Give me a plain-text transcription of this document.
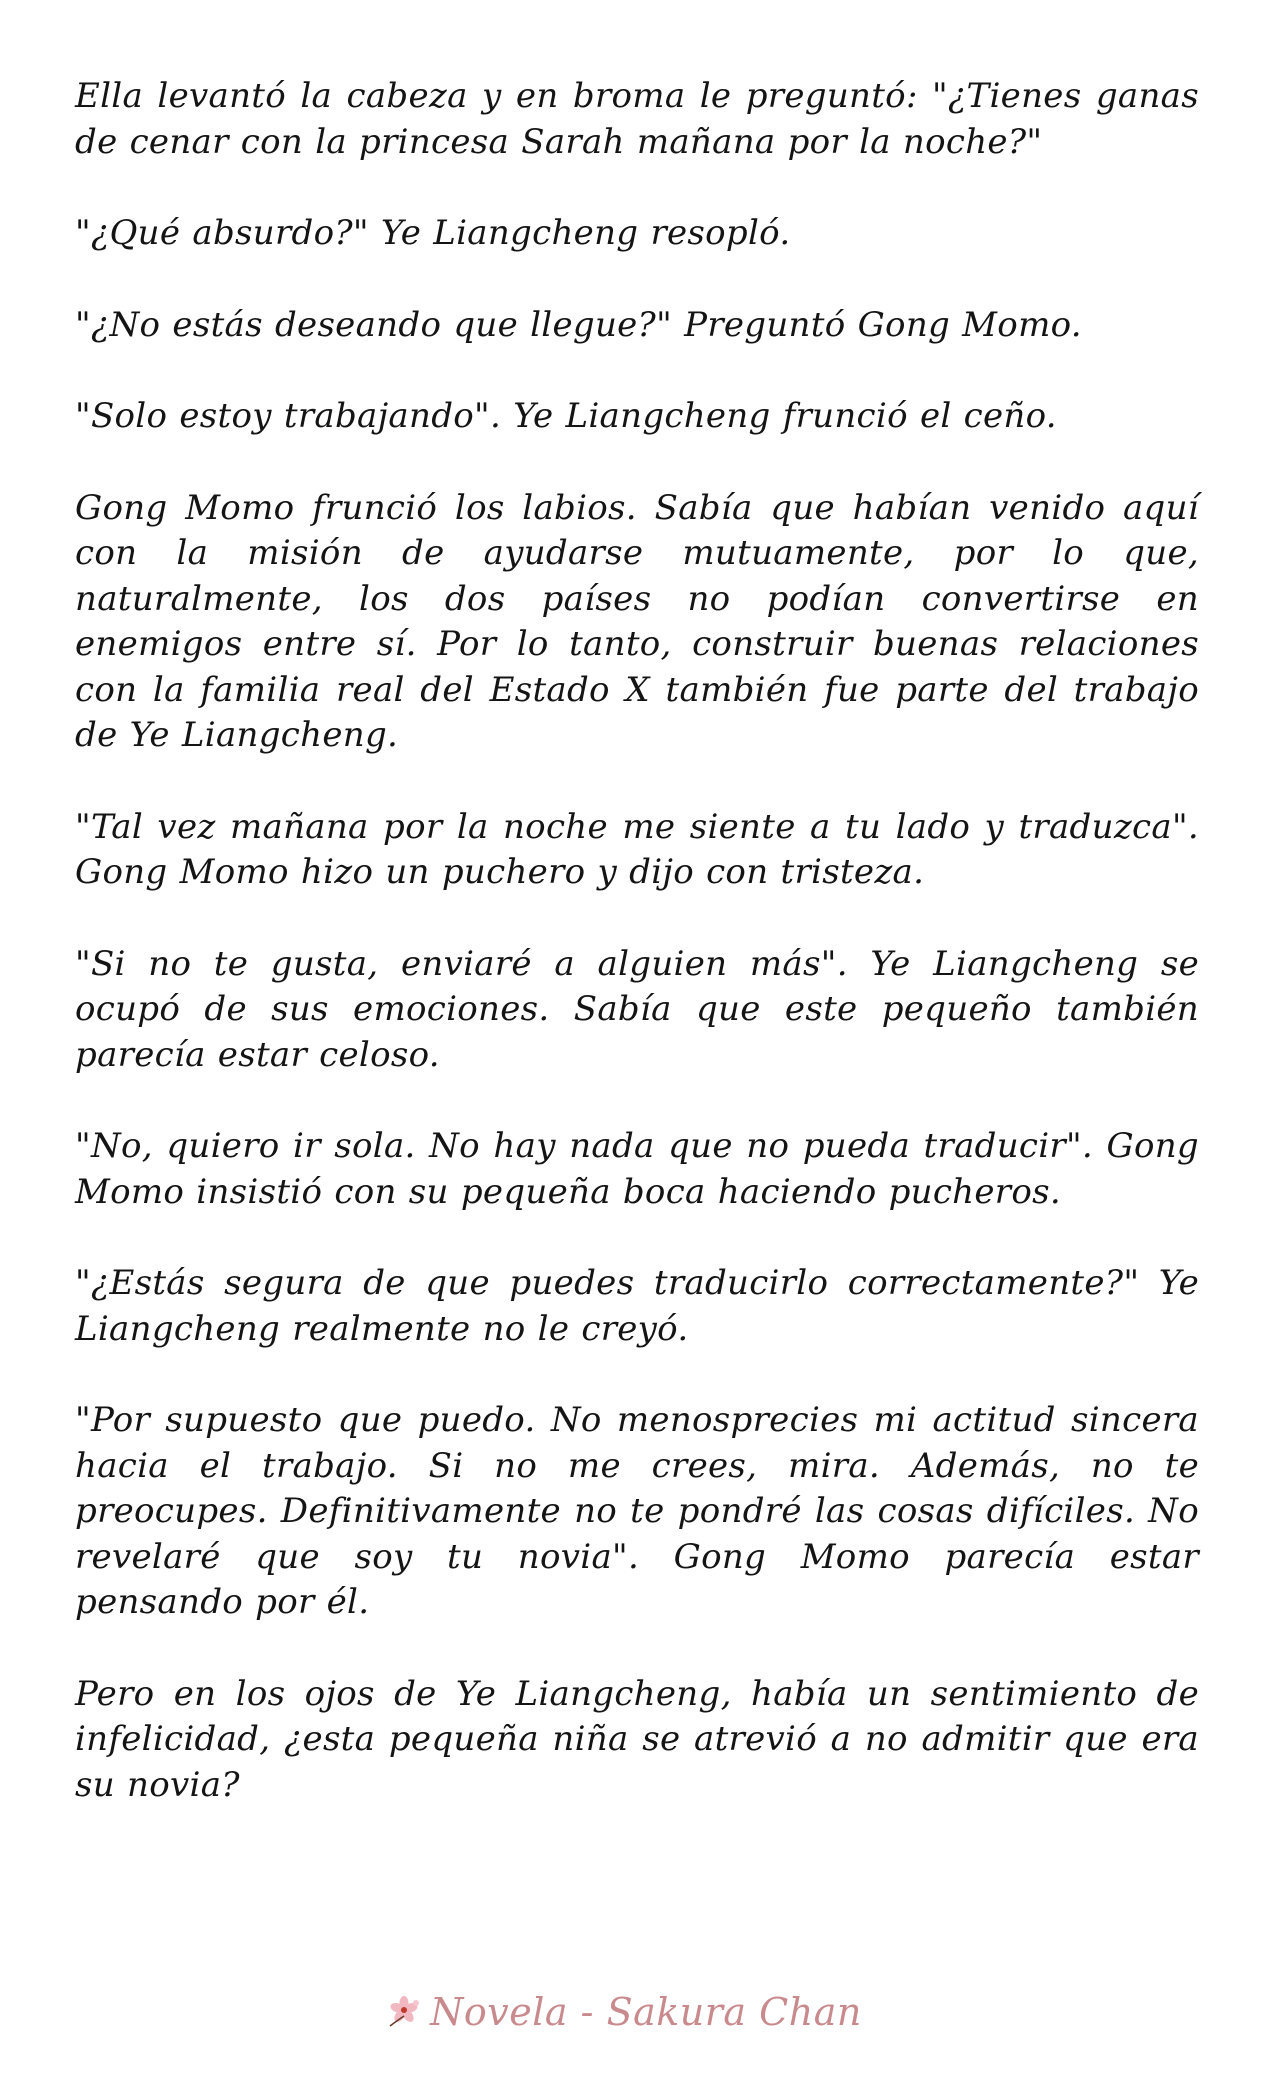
Ella levantó la cabeza y en broma le preguntó: "¿Tienes ganas de cenar con la princesa Sarah mañana por la noche?"

"¿Qué absurdo?" Ye Liangcheng resopló.

"¿No estás deseando que llegue?" Preguntó Gong Momo.

"Solo estoy trabajando". Ye Liangcheng frunció el ceño.

Gong Momo frunció los labios. Sabía que habían venido aquí con la misión de ayudarse mutuamente, por lo que, naturalmente, los dos países no podían convertirse en enemigos entre sí. Por lo tanto, construir buenas relaciones con la familia real del Estado X también fue parte del trabajo de Ye Liangcheng.

"Tal vez mañana por la noche me siente a tu lado y traduzca". Gong Momo hizo un puchero y dijo con tristeza.

"Si no te gusta, enviaré a alguien más". Ye Liangcheng se ocupó de sus emociones. Sabía que este pequeño también parecía estar celoso.

"No, quiero ir sola. No hay nada que no pueda traducir". Gong Momo insistió con su pequeña boca haciendo pucheros.

"¿Estás segura de que puedes traducirlo correctamente?" Ye Liangcheng realmente no le creyó.

"Por supuesto que puedo. No menosprecies mi actitud sincera hacia el trabajo. Si no me crees, mira. Además, no te preocupes. Definitivamente no te pondré las cosas difíciles. No revelaré que soy tu novia". Gong Momo parecía estar pensando por él.

Pero en los ojos de Ye Liangcheng, había un sentimiento de infelicidad, ¿esta pequeña niña se atrevió a no admitir que era su novia?

Novela - Sakura Chan
